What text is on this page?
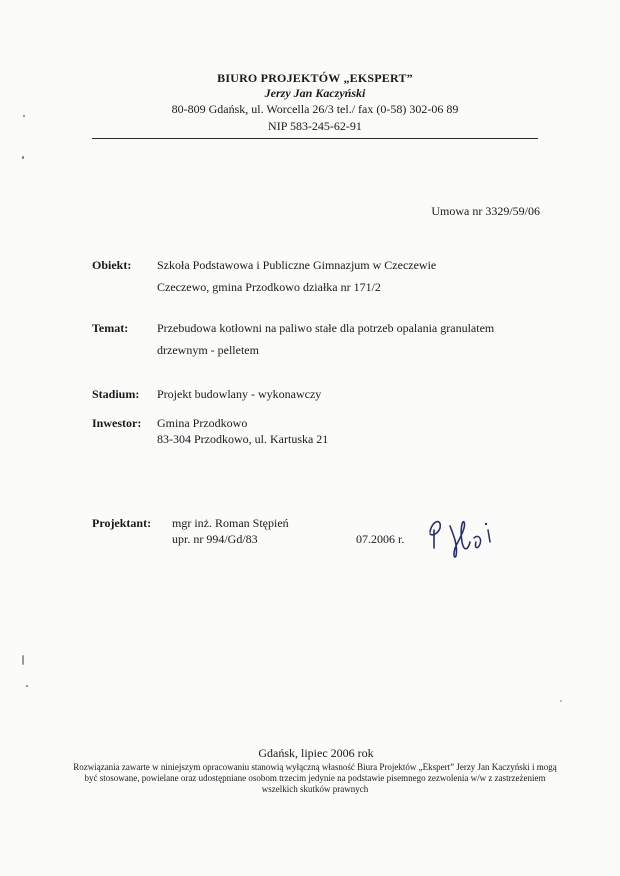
BIURO PROJEKTÓW „EKSPERT”
Jerzy Jan Kaczyński
80-809 Gdańsk, ul. Worcella 26/3 tel./ fax (0-58) 302-06 89
NIP 583-245-62-91
Umowa nr 3329/59/06
Obiekt: Szkoła Podstawowa i Publiczne Gimnazjum w Czeczewie
Czeczewo, gmina Przodkowo działka nr 171/2
Temat: Przebudowa kotłowni na paliwo stałe dla potrzeb opalania granulatem
drzewnym - pelletem
Stadium: Projekt budowlany - wykonawczy
Inwestor: Gmina Przodkowo
83-304 Przodkowo, ul. Kartuska 21
Projektant: mgr inż. Roman Stępień
upr. nr 994/Gd/83	07.2006 r.
Gdańsk, lipiec 2006 rok
Rozwiązania zawarte w niniejszym opracowaniu stanowią wyłączną własność Biura Projektów „Ekspert” Jerzy Jan Kaczyński i mogą być stosowane, powielane oraz udostępniane osobom trzecim jedynie na podstawie pisemnego zezwolenia w/w z zastrzeżeniem wszelkich skutków prawnych
